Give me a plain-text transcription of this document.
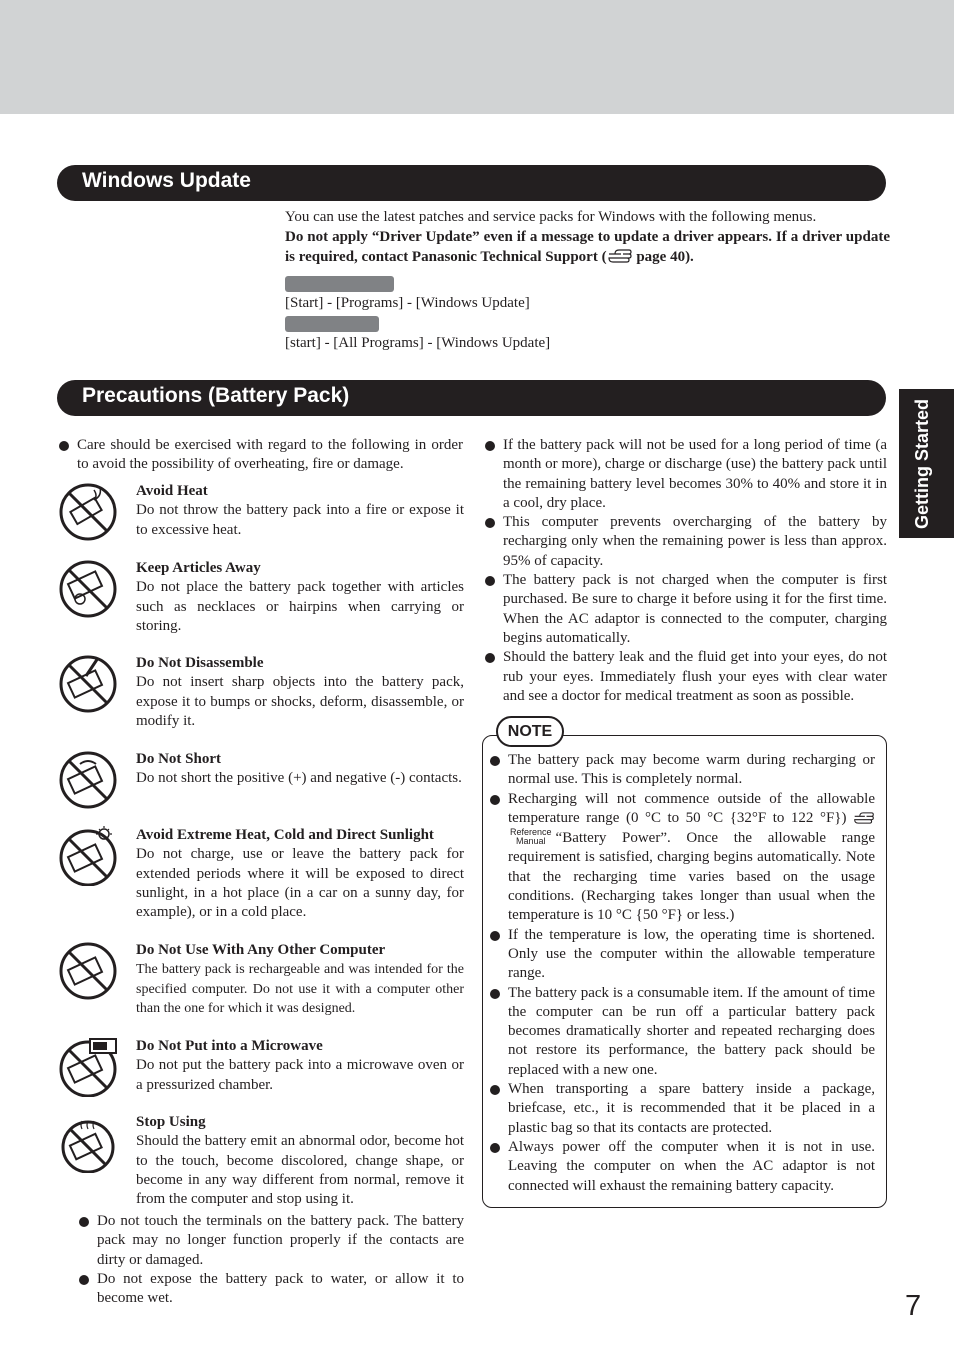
Windows Update

You can use the latest patches and service packs for Windows with the following menus.

Do not apply “Driver Update” even if a message to update a driver appears. If a driver update is required, contact Panasonic Technical Support ( page 40).

[Start] - [Programs] - [Windows Update]
[start] - [All Programs] - [Windows Update]
Precautions (Battery Pack)
Getting Started
Care should be exercised with regard to the following in order to avoid the possibility of overheating, fire or damage.
Avoid Heat
Do not throw the battery pack into a fire or expose it to excessive heat.
Keep Articles Away
Do not place the battery pack together with articles such as necklaces or hairpins when carrying or storing.
Do Not Disassemble
Do not insert sharp objects into the battery pack, expose it to bumps or shocks, deform, disassemble, or modify it.
Do Not Short
Do not short the positive (+) and negative (-) contacts.
Avoid Extreme Heat, Cold and Direct Sunlight
Do not charge, use or leave the battery pack for extended periods where it will be exposed to direct sunlight, in a hot place (in a car on a sunny day, for example), or in a cold place.
Do Not Use With Any Other Computer
The battery pack is rechargeable and was intended for the specified computer. Do not use it with a computer other than the one for which it was designed.
Do Not Put into a Microwave
Do not put the battery pack into a microwave oven or a pressurized chamber.
Stop Using
Should the battery emit an abnormal odor, become hot to the touch, become discolored, change shape, or become in any way different from normal, remove it from the computer and stop using it.
Do not touch the terminals on the battery pack. The battery pack may no longer function properly if the contacts are dirty or damaged.
Do not expose the battery pack to water, or allow it to become wet.
If the battery pack will not be used for a long period of time (a month or more), charge or discharge (use) the battery pack until the remaining battery level becomes 30% to 40% and store it in a cool, dry place.
This computer prevents overcharging of the battery by recharging only when the remaining power is less than approx. 95% of capacity.
The battery pack is not charged when the computer is first purchased. Be sure to charge it before using it for the first time. When the AC adaptor is connected to the computer, charging begins automatically.
Should the battery leak and the fluid get into your eyes, do not rub your eyes. Immediately flush your eyes with clear water and see a doctor for medical treatment as soon as possible.
NOTE
The battery pack may become warm during recharging or normal use. This is completely normal.
Recharging will not commence outside of the allowable temperature range (0 °C to 50 °C {32°F to 122 °F}) Reference
Manual “Battery Power”. Once the allowable range requirement is satisfied, charging begins automatically. Note that the recharging time varies based on the usage conditions. (Recharging takes longer than usual when the temperature is 10 °C {50 °F} or less.)
If the temperature is low, the operating time is shortened. Only use the computer within the allowable temperature range.
The battery pack is a consumable item. If the amount of time the computer can be run off a particular battery pack becomes dramatically shorter and repeated recharging does not restore its performance, the battery pack should be replaced with a new one.
When transporting a spare battery inside a package, briefcase, etc., it is recommended that it be placed in a plastic bag so that its contacts are protected.
Always power off the computer when it is not in use. Leaving the computer on when the AC adaptor is not connected will exhaust the remaining battery capacity.
7
